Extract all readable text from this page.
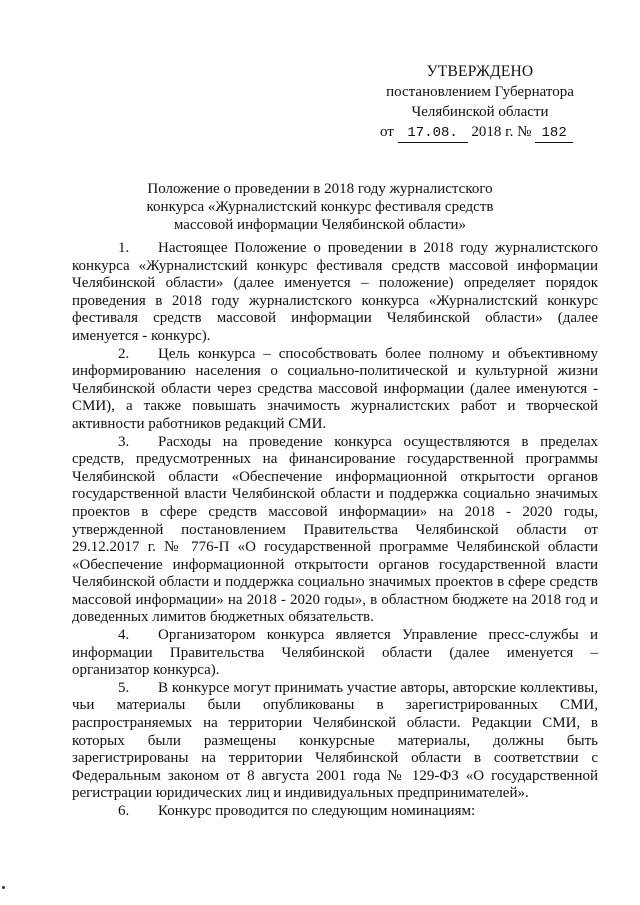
УТВЕРЖДЕНО
постановлением Губернатора
Челябинской области
от 17.08. 2018 г. № 182
Положение о проведении в 2018 году журналистского
конкурса «Журналистский конкурс фестиваля средств
массовой информации Челябинской области»

1. Настоящее Положение о проведении в 2018 году журналистского конкурса «Журналистский конкурс фестиваля средств массовой информации Челябинской области» (далее именуется – положение) определяет порядок проведения в 2018 году журналистского конкурса «Журналистский конкурс фестиваля средств массовой информации Челябинской области» (далее именуется - конкурс).

2. Цель конкурса – способствовать более полному и объективному информированию населения о социально-политической и культурной жизни Челябинской области через средства массовой информации (далее именуются - СМИ), а также повышать значимость журналистских работ и творческой активности работников редакций СМИ.

3. Расходы на проведение конкурса осуществляются в пределах средств, предусмотренных на финансирование государственной программы Челябинской области «Обеспечение информационной открытости органов государственной власти Челябинской области и поддержка социально значимых проектов в сфере средств массовой информации» на 2018 - 2020 годы, утвержденной постановлением Правительства Челябинской области от 29.12.2017 г. № 776-П «О государственной программе Челябинской области «Обеспечение информационной открытости органов государственной власти Челябинской области и поддержка социально значимых проектов в сфере средств массовой информации» на 2018 - 2020 годы», в областном бюджете на 2018 год и доведенных лимитов бюджетных обязательств.

4. Организатором конкурса является Управление пресс-службы и информации Правительства Челябинской области (далее именуется – организатор конкурса).

5. В конкурсе могут принимать участие авторы, авторские коллективы, чьи материалы были опубликованы в зарегистрированных СМИ, распространяемых на территории Челябинской области. Редакции СМИ, в которых были размещены конкурсные материалы, должны быть зарегистрированы на территории Челябинской области в соответствии с Федеральным законом от 8 августа 2001 года № 129-ФЗ «О государственной регистрации юридических лиц и индивидуальных предпринимателей».

6. Конкурс проводится по следующим номинациям:
